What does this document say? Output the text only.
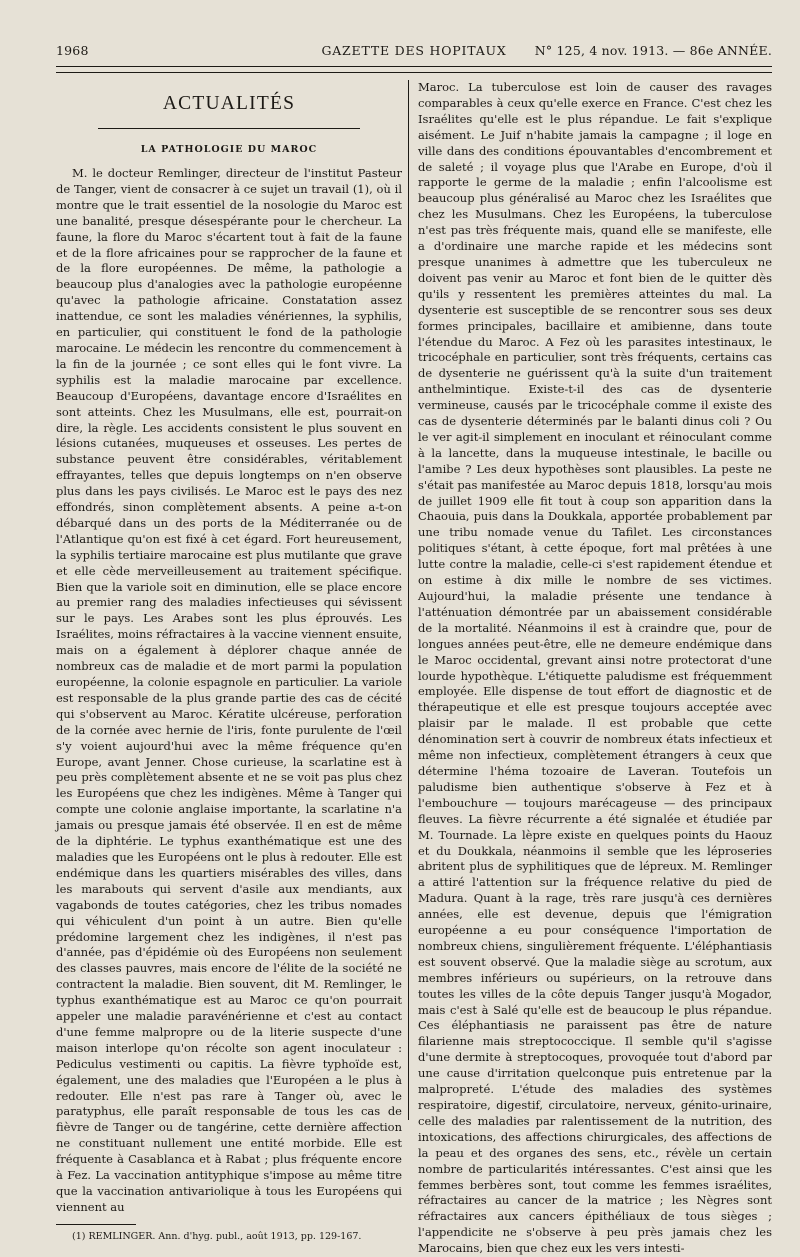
1968	GAZETTE DES HOPITAUX	N° 125, 4 nov. 1913. — 86e ANNÉE.
ACTUALITÉS
LA PATHOLOGIE DU MAROC

M. le docteur Remlinger, directeur de l'institut Pasteur de Tanger, vient de consacrer à ce sujet un travail (1), où il montre que le trait essentiel de la nosologie du Maroc est une banalité, presque désespérante pour le chercheur. La faune, la flore du Maroc s'écartent tout à fait de la faune et de la flore africaines pour se rapprocher de la faune et de la flore européennes. De même, la pathologie a beaucoup plus d'analogies avec la pathologie européenne qu'avec la pathologie africaine. Constatation assez inattendue, ce sont les maladies vénériennes, la syphilis, en particulier, qui constituent le fond de la pathologie marocaine. Le médecin les rencontre du commencement à la fin de la journée ; ce sont elles qui le font vivre. La syphilis est la maladie marocaine par excellence. Beaucoup d'Européens, davantage encore d'Israélites en sont atteints. Chez les Musulmans, elle est, pourrait-on dire, la règle. Les accidents consistent le plus souvent en lésions cutanées, muqueuses et osseuses. Les pertes de substance peuvent être considérables, véritablement effrayantes, telles que depuis longtemps on n'en observe plus dans les pays civilisés. Le Maroc est le pays des nez effondrés, sinon complètement absents. A peine a-t-on débarqué dans un des ports de la Méditerranée ou de l'Atlantique qu'on est fixé à cet égard. Fort heureusement, la syphilis tertiaire marocaine est plus mutilante que grave et elle cède merveilleusement au traitement spécifique. Bien que la variole soit en diminution, elle se place encore au premier rang des maladies infectieuses qui sévissent sur le pays. Les Arabes sont les plus éprouvés. Les Israélites, moins réfractaires à la vaccine viennent ensuite, mais on a également à déplorer chaque année de nombreux cas de maladie et de mort parmi la population européenne, la colonie espagnole en particulier. La variole est responsable de la plus grande partie des cas de cécité qui s'observent au Maroc. Kératite ulcéreuse, perforation de la cornée avec hernie de l'iris, fonte purulente de l'œil s'y voient aujourd'hui avec la même fréquence qu'en Europe, avant Jenner. Chose curieuse, la scarlatine est à peu près complètement absente et ne se voit pas plus chez les Européens que chez les indigènes. Même à Tanger qui compte une colonie anglaise importante, la scarlatine n'a jamais ou presque jamais été observée. Il en est de même de la diphtérie. Le typhus exanthématique est une des maladies que les Européens ont le plus à redouter. Elle est endémique dans les quartiers misérables des villes, dans les marabouts qui servent d'asile aux mendiants, aux vagabonds de toutes catégories, chez les tribus nomades qui véhiculent d'un point à un autre. Bien qu'elle prédomine largement chez les indigènes, il n'est pas d'année, pas d'épidémie où des Européens non seulement des classes pauvres, mais encore de l'élite de la société ne contractent la maladie. Bien souvent, dit M. Remlinger, le typhus exanthématique est au Maroc ce qu'on pourrait appeler une maladie paravénérienne et c'est au contact d'une femme malpropre ou de la literie suspecte d'une maison interlope qu'on récolte son agent inoculateur : Pediculus vestimenti ou capitis. La fièvre typhoïde est, également, une des maladies que l'Européen a le plus à redouter. Elle n'est pas rare à Tanger où, avec le paratyphus, elle paraît responsable de tous les cas de fièvre de Tanger ou de tangérine, cette dernière affection ne constituant nullement une entité morbide. Elle est fréquente à Casablanca et à Rabat ; plus fréquente encore à Fez. La vaccination antityphique s'impose au même titre que la vaccination antivariolique à tous les Européens qui viennent au

(1) REMLINGER. Ann. d'hyg. publ., août 1913, pp. 129-167.

Maroc. La tuberculose est loin de causer des ravages comparables à ceux qu'elle exerce en France. C'est chez les Israélites qu'elle est le plus répandue. Le fait s'explique aisément. Le Juif n'habite jamais la campagne ; il loge en ville dans des conditions épouvantables d'encombrement et de saleté ; il voyage plus que l'Arabe en Europe, d'où il rapporte le germe de la maladie ; enfin l'alcoolisme est beaucoup plus généralisé au Maroc chez les Israélites que chez les Musulmans. Chez les Européens, la tuberculose n'est pas très fréquente mais, quand elle se manifeste, elle a d'ordinaire une marche rapide et les médecins sont presque unanimes à admettre que les tuberculeux ne doivent pas venir au Maroc et font bien de le quitter dès qu'ils y ressentent les premières atteintes du mal. La dysenterie est susceptible de se rencontrer sous ses deux formes principales, bacillaire et amibienne, dans toute l'étendue du Maroc. A Fez où les parasites intestinaux, le tricocéphale en particulier, sont très fréquents, certains cas de dysenterie ne guérissent qu'à la suite d'un traitement anthelmintique. Existe-t-il des cas de dysenterie vermineuse, causés par le tricocéphale comme il existe des cas de dysenterie déterminés par le balanti dinus coli ? Ou le ver agit-il simplement en inoculant et réinoculant comme à la lancette, dans la muqueuse intestinale, le bacille ou l'amibe ? Les deux hypothèses sont plausibles. La peste ne s'était pas manifestée au Maroc depuis 1818, lorsqu'au mois de juillet 1909 elle fit tout à coup son apparition dans la Chaouia, puis dans la Doukkala, apportée probablement par une tribu nomade venue du Tafilet. Les circonstances politiques s'étant, à cette époque, fort mal prêtées à une lutte contre la maladie, celle-ci s'est rapidement étendue et on estime à dix mille le nombre de ses victimes. Aujourd'hui, la maladie présente une tendance à l'atténuation démontrée par un abaissement considérable de la mortalité. Néanmoins il est à craindre que, pour de longues années peut-être, elle ne demeure endémique dans le Maroc occidental, grevant ainsi notre protectorat d'une lourde hypothèque. L'étiquette paludisme est fréquemment employée. Elle dispense de tout effort de diagnostic et de thérapeutique et elle est presque toujours acceptée avec plaisir par le malade. Il est probable que cette dénomination sert à couvrir de nombreux états infectieux et même non infectieux, complètement étrangers à ceux que détermine l'héma tozoaire de Laveran. Toutefois un paludisme bien authentique s'observe à Fez et à l'embouchure — toujours marécageuse — des principaux fleuves. La fièvre récurrente a été signalée et étudiée par M. Tournade. La lèpre existe en quelques points du Haouz et du Doukkala, néanmoins il semble que les léproseries abritent plus de syphilitiques que de lépreux. M. Remlinger a attiré l'attention sur la fréquence relative du pied de Madura. Quant à la rage, très rare jusqu'à ces dernières années, elle est devenue, depuis que l'émigration européenne a eu pour conséquence l'importation de nombreux chiens, singulièrement fréquente. L'éléphantiasis est souvent observé. Que la maladie siège au scrotum, aux membres inférieurs ou supérieurs, on la retrouve dans toutes les villes de la côte depuis Tanger jusqu'à Mogador, mais c'est à Salé qu'elle est de beaucoup le plus répandue. Ces éléphantiasis ne paraissent pas être de nature filarienne mais streptococcique. Il semble qu'il s'agisse d'une dermite à streptocoques, provoquée tout d'abord par une cause d'irritation quelconque puis entretenue par la malpropreté. L'étude des maladies des systèmes respiratoire, digestif, circulatoire, nerveux, génito-urinaire, celle des maladies par ralentissement de la nutrition, des intoxications, des affections chirurgicales, des affections de la peau et des organes des sens, etc., révèle un certain nombre de particularités intéressantes. C'est ainsi que les femmes berbères sont, tout comme les femmes israélites, réfractaires au cancer de la matrice ; les Nègres sont réfractaires aux cancers épithéliaux de tous sièges ; l'appendicite ne s'observe à peu près jamais chez les Marocains, bien que chez eux les vers intesti-
